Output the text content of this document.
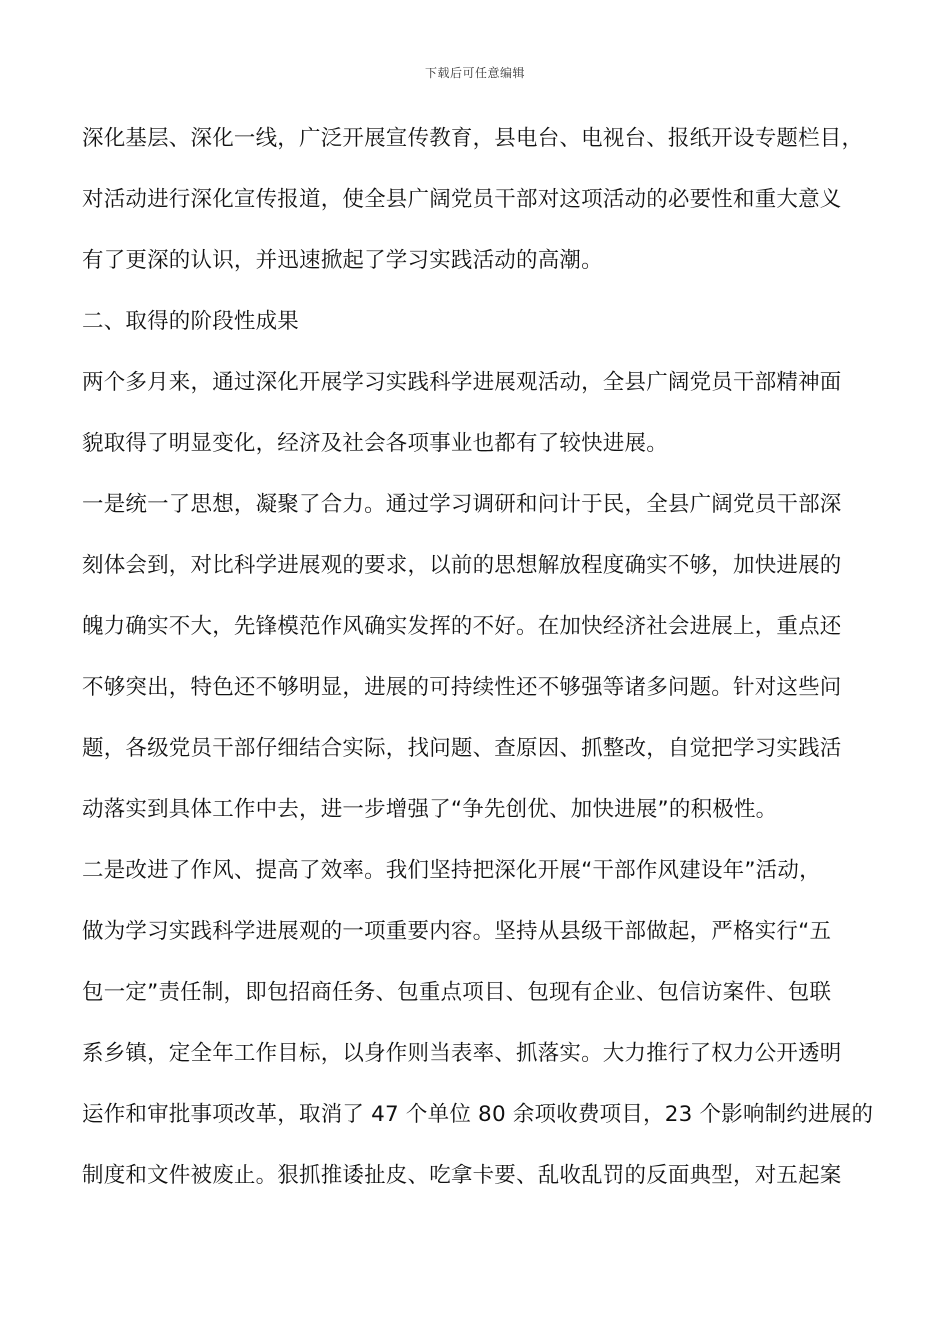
下载后可任意编辑
深化基层、深化一线，广泛开展宣传教育，县电台、电视台、报纸开设专题栏目，
对活动进行深化宣传报道，使全县广阔党员干部对这项活动的必要性和重大意义
有了更深的认识，并迅速掀起了学习实践活动的高潮。
二、取得的阶段性成果
两个多月来，通过深化开展学习实践科学进展观活动，全县广阔党员干部精神面
貌取得了明显变化，经济及社会各项事业也都有了较快进展。
一是统一了思想，凝聚了合力。通过学习调研和问计于民，全县广阔党员干部深
刻体会到，对比科学进展观的要求，以前的思想解放程度确实不够，加快进展的
魄力确实不大，先锋模范作风确实发挥的不好。在加快经济社会进展上，重点还
不够突出，特色还不够明显，进展的可持续性还不够强等诸多问题。针对这些问
题，各级党员干部仔细结合实际，找问题、查原因、抓整改，自觉把学习实践活
动落实到具体工作中去，进一步增强了“争先创优、加快进展”的积极性。
二是改进了作风、提高了效率。我们坚持把深化开展“干部作风建设年”活动，
做为学习实践科学进展观的一项重要内容。坚持从县级干部做起，严格实行“五
包一定”责任制，即包招商任务、包重点项目、包现有企业、包信访案件、包联
系乡镇，定全年工作目标，以身作则当表率、抓落实。大力推行了权力公开透明
运作和审批事项改革，取消了 47 个单位 80 余项收费项目，23 个影响制约进展的
制度和文件被废止。狠抓推诿扯皮、吃拿卡要、乱收乱罚的反面典型，对五起案
